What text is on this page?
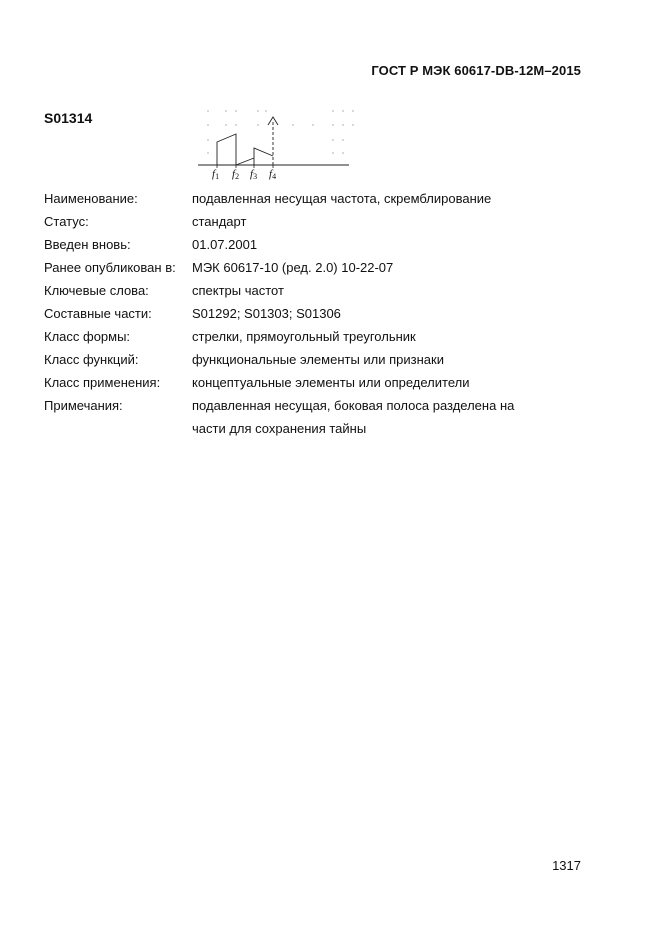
ГОСТ Р МЭК 60617-DB-12M–2015
S01314
f1 f2 f3 f4
Наименование:	подавленная несущая частота, скремблирование
Статус:	стандарт
Введен вновь:	01.07.2001
Ранее опубликован в:	МЭК 60617-10 (ред. 2.0) 10-22-07
Ключевые слова:	спектры частот
Составные части:	S01292; S01303; S01306
Класс формы:	стрелки, прямоугольный треугольник
Класс функций:	функциональные элементы или признаки
Класс применения:	концептуальные элементы или определители
Примечания:	подавленная несущая, боковая полоса разделена на
части для сохранения тайны
1317
